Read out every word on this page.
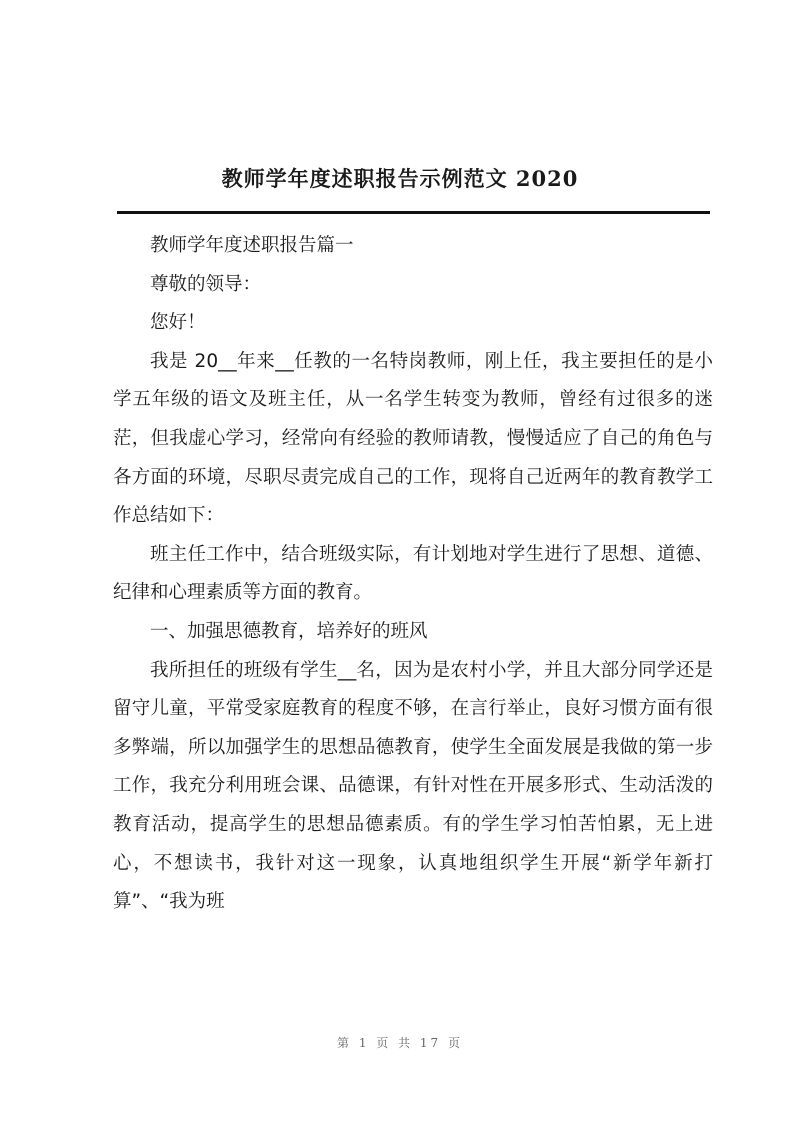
教师学年度述职报告示例范文 2020

教师学年度述职报告篇一

尊敬的领导：

您好！

我是 20__年来__任教的一名特岗教师，刚上任，我主要担任的是小学五年级的语文及班主任，从一名学生转变为教师，曾经有过很多的迷茫，但我虚心学习，经常向有经验的教师请教，慢慢适应了自己的角色与各方面的环境，尽职尽责完成自己的工作，现将自己近两年的教育教学工作总结如下：

班主任工作中，结合班级实际，有计划地对学生进行了思想、道德、纪律和心理素质等方面的教育。

一、加强思德教育，培养好的班风

我所担任的班级有学生__名，因为是农村小学，并且大部分同学还是留守儿童，平常受家庭教育的程度不够，在言行举止，良好习惯方面有很多弊端，所以加强学生的思想品德教育，使学生全面发展是我做的第一步工作，我充分利用班会课、品德课，有针对性在开展多形式、生动活泼的教育活动，提高学生的思想品德素质。有的学生学习怕苦怕累，无上进心，不想读书，我针对这一现象，认真地组织学生开展“新学年新打算”、“我为班

第 1 页 共 17 页
